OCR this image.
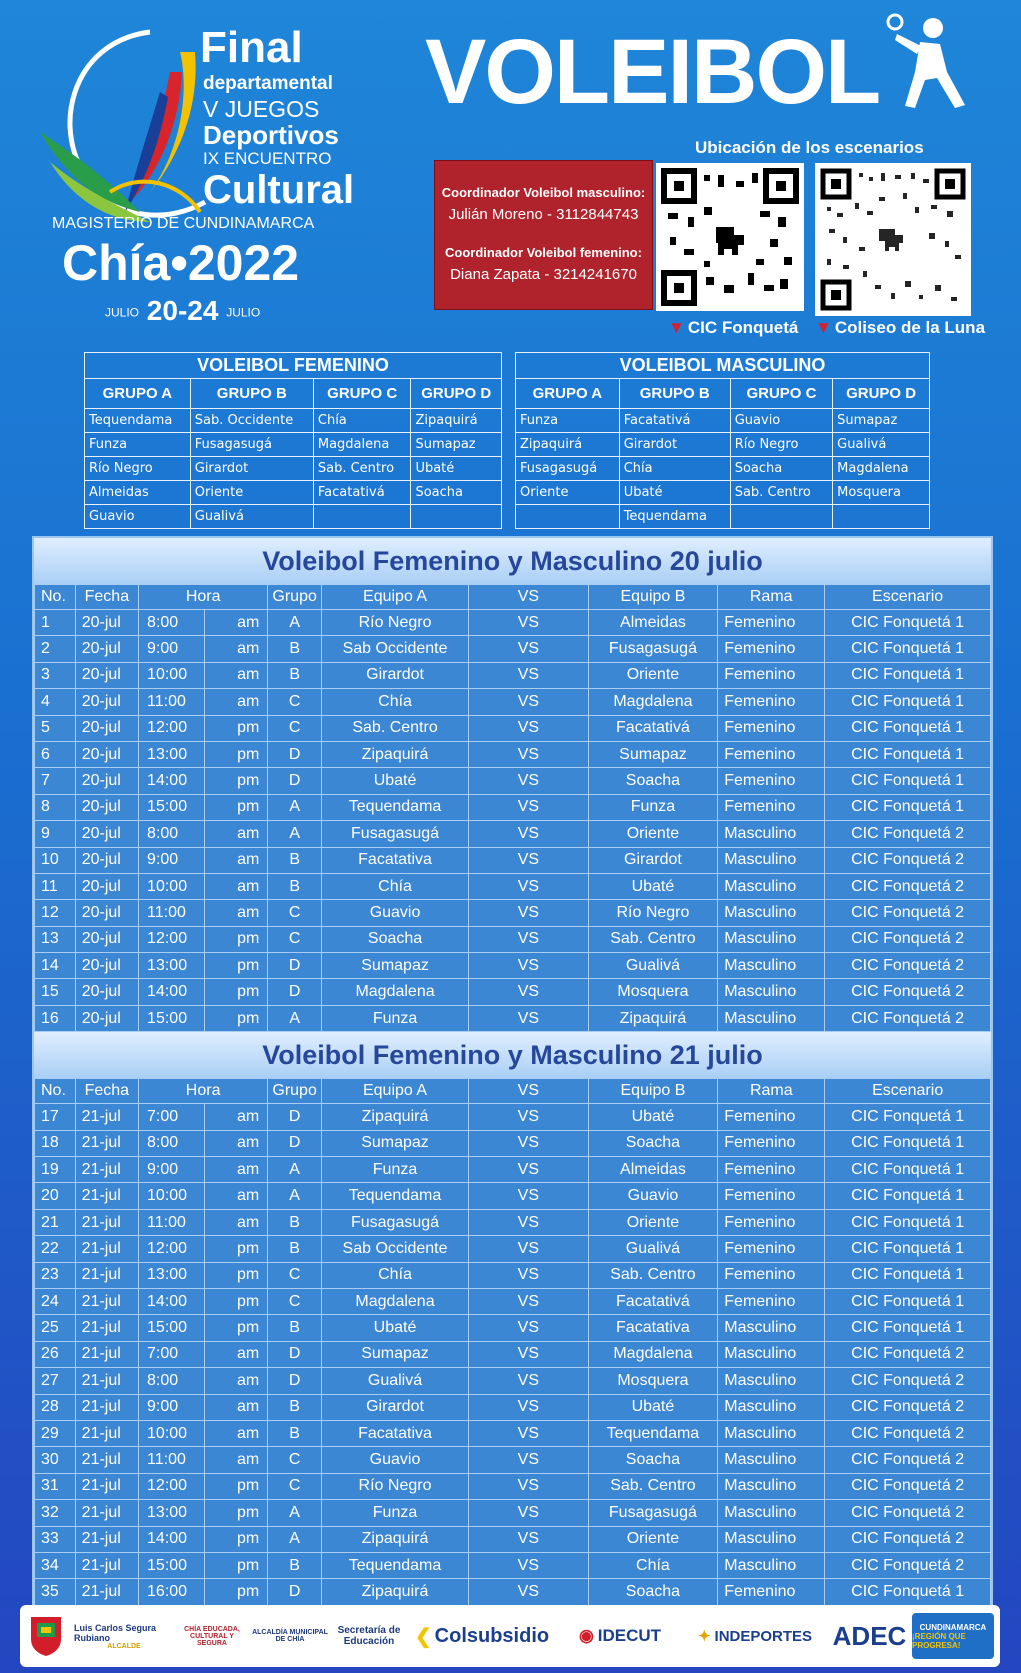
Final
departamental
V JUEGOS
Deportivos
IX ENCUENTRO
Cultural
MAGISTERIO DE CUNDINAMARCA
Chía•2022
JULIO 20-24 JULIO
VOLEIBOL
Ubicación de los escenarios
Coordinador Voleibol masculino:
Julián Moreno - 3112844743
Coordinador Voleibol femenino:
Diana Zapata - 3214241670
▼ CIC Fonquetá ▼ Coliseo de la Luna
VOLEIBOL FEMENINO			
GRUPO A	GRUPO B	GRUPO C	GRUPO D
Tequendama	Sab. Occidente	Chía	Zipaquirá
Funza	Fusagasugá	Magdalena	Sumapaz
Río Negro	Girardot	Sab. Centro	Ubaté
Almeidas	Oriente	Facatativá	Soacha
Guavio	Gualivá		
VOLEIBOL MASCULINO			
GRUPO A	GRUPO B	GRUPO C	GRUPO D
Funza	Facatativá	Guavio	Sumapaz
Zipaquirá	Girardot	Río Negro	Gualivá
Fusagasugá	Chía	Soacha	Magdalena
Oriente	Ubaté	Sab. Centro	Mosquera
	Tequendama		
Voleibol Femenino y Masculino 20 julio
No.	Fecha	Hora		Grupo	Equipo A	VS	Equipo B	Rama	Escenario
1	20-jul	8:00	am	A	Río Negro	VS	Almeidas	Femenino	CIC Fonquetá 1
2	20-jul	9:00	am	B	Sab Occidente	VS	Fusagasugá	Femenino	CIC Fonquetá 1
3	20-jul	10:00	am	B	Girardot	VS	Oriente	Femenino	CIC Fonquetá 1
4	20-jul	11:00	am	C	Chía	VS	Magdalena	Femenino	CIC Fonquetá 1
5	20-jul	12:00	pm	C	Sab. Centro	VS	Facatativá	Femenino	CIC Fonquetá 1
6	20-jul	13:00	pm	D	Zipaquirá	VS	Sumapaz	Femenino	CIC Fonquetá 1
7	20-jul	14:00	pm	D	Ubaté	VS	Soacha	Femenino	CIC Fonquetá 1
8	20-jul	15:00	pm	A	Tequendama	VS	Funza	Femenino	CIC Fonquetá 1
9	20-jul	8:00	am	A	Fusagasugá	VS	Oriente	Masculino	CIC Fonquetá 2
10	20-jul	9:00	am	B	Facatativa	VS	Girardot	Masculino	CIC Fonquetá 2
11	20-jul	10:00	am	B	Chía	VS	Ubaté	Masculino	CIC Fonquetá 2
12	20-jul	11:00	am	C	Guavio	VS	Río Negro	Masculino	CIC Fonquetá 2
13	20-jul	12:00	pm	C	Soacha	VS	Sab. Centro	Masculino	CIC Fonquetá 2
14	20-jul	13:00	pm	D	Sumapaz	VS	Gualivá	Masculino	CIC Fonquetá 2
15	20-jul	14:00	pm	D	Magdalena	VS	Mosquera	Masculino	CIC Fonquetá 2
16	20-jul	15:00	pm	A	Funza	VS	Zipaquirá	Masculino	CIC Fonquetá 2
Voleibol Femenino y Masculino 21 julio
No.	Fecha	Hora		Grupo	Equipo A	VS	Equipo B	Rama	Escenario
17	21-jul	7:00	am	D	Zipaquirá	VS	Ubaté	Femenino	CIC Fonquetá 1
18	21-jul	8:00	am	D	Sumapaz	VS	Soacha	Femenino	CIC Fonquetá 1
19	21-jul	9:00	am	A	Funza	VS	Almeidas	Femenino	CIC Fonquetá 1
20	21-jul	10:00	am	A	Tequendama	VS	Guavio	Femenino	CIC Fonquetá 1
21	21-jul	11:00	am	B	Fusagasugá	VS	Oriente	Femenino	CIC Fonquetá 1
22	21-jul	12:00	pm	B	Sab Occidente	VS	Gualivá	Femenino	CIC Fonquetá 1
23	21-jul	13:00	pm	C	Chía	VS	Sab. Centro	Femenino	CIC Fonquetá 1
24	21-jul	14:00	pm	C	Magdalena	VS	Facatativá	Femenino	CIC Fonquetá 1
25	21-jul	15:00	pm	B	Ubaté	VS	Facatativa	Masculino	CIC Fonquetá 1
26	21-jul	7:00	am	D	Sumapaz	VS	Magdalena	Masculino	CIC Fonquetá 2
27	21-jul	8:00	am	D	Gualivá	VS	Mosquera	Masculino	CIC Fonquetá 2
28	21-jul	9:00	am	B	Girardot	VS	Ubaté	Masculino	CIC Fonquetá 2
29	21-jul	10:00	am	B	Facatativa	VS	Tequendama	Masculino	CIC Fonquetá 2
30	21-jul	11:00	am	C	Guavio	VS	Soacha	Masculino	CIC Fonquetá 2
31	21-jul	12:00	pm	C	Río Negro	VS	Sab. Centro	Masculino	CIC Fonquetá 2
32	21-jul	13:00	pm	A	Funza	VS	Fusagasugá	Masculino	CIC Fonquetá 2
33	21-jul	14:00	pm	A	Zipaquirá	VS	Oriente	Masculino	CIC Fonquetá 2
34	21-jul	15:00	pm	B	Tequendama	VS	Chía	Masculino	CIC Fonquetá 2
35	21-jul	16:00	pm	D	Zipaquirá	VS	Soacha	Femenino	CIC Fonquetá 1
Luis Carlos Segura Rubiano
ALCALDE
CHÍA EDUCADA, CULTURAL Y SEGURA
ALCALDÍA MUNICIPAL DE CHÍA
Secretaría de Educación	❮ Colsubsidio ◉ IDECUT ✦ INDEPORTES ADEC CUNDINAMARCA
¡REGIÓN QUE PROGRESA!
